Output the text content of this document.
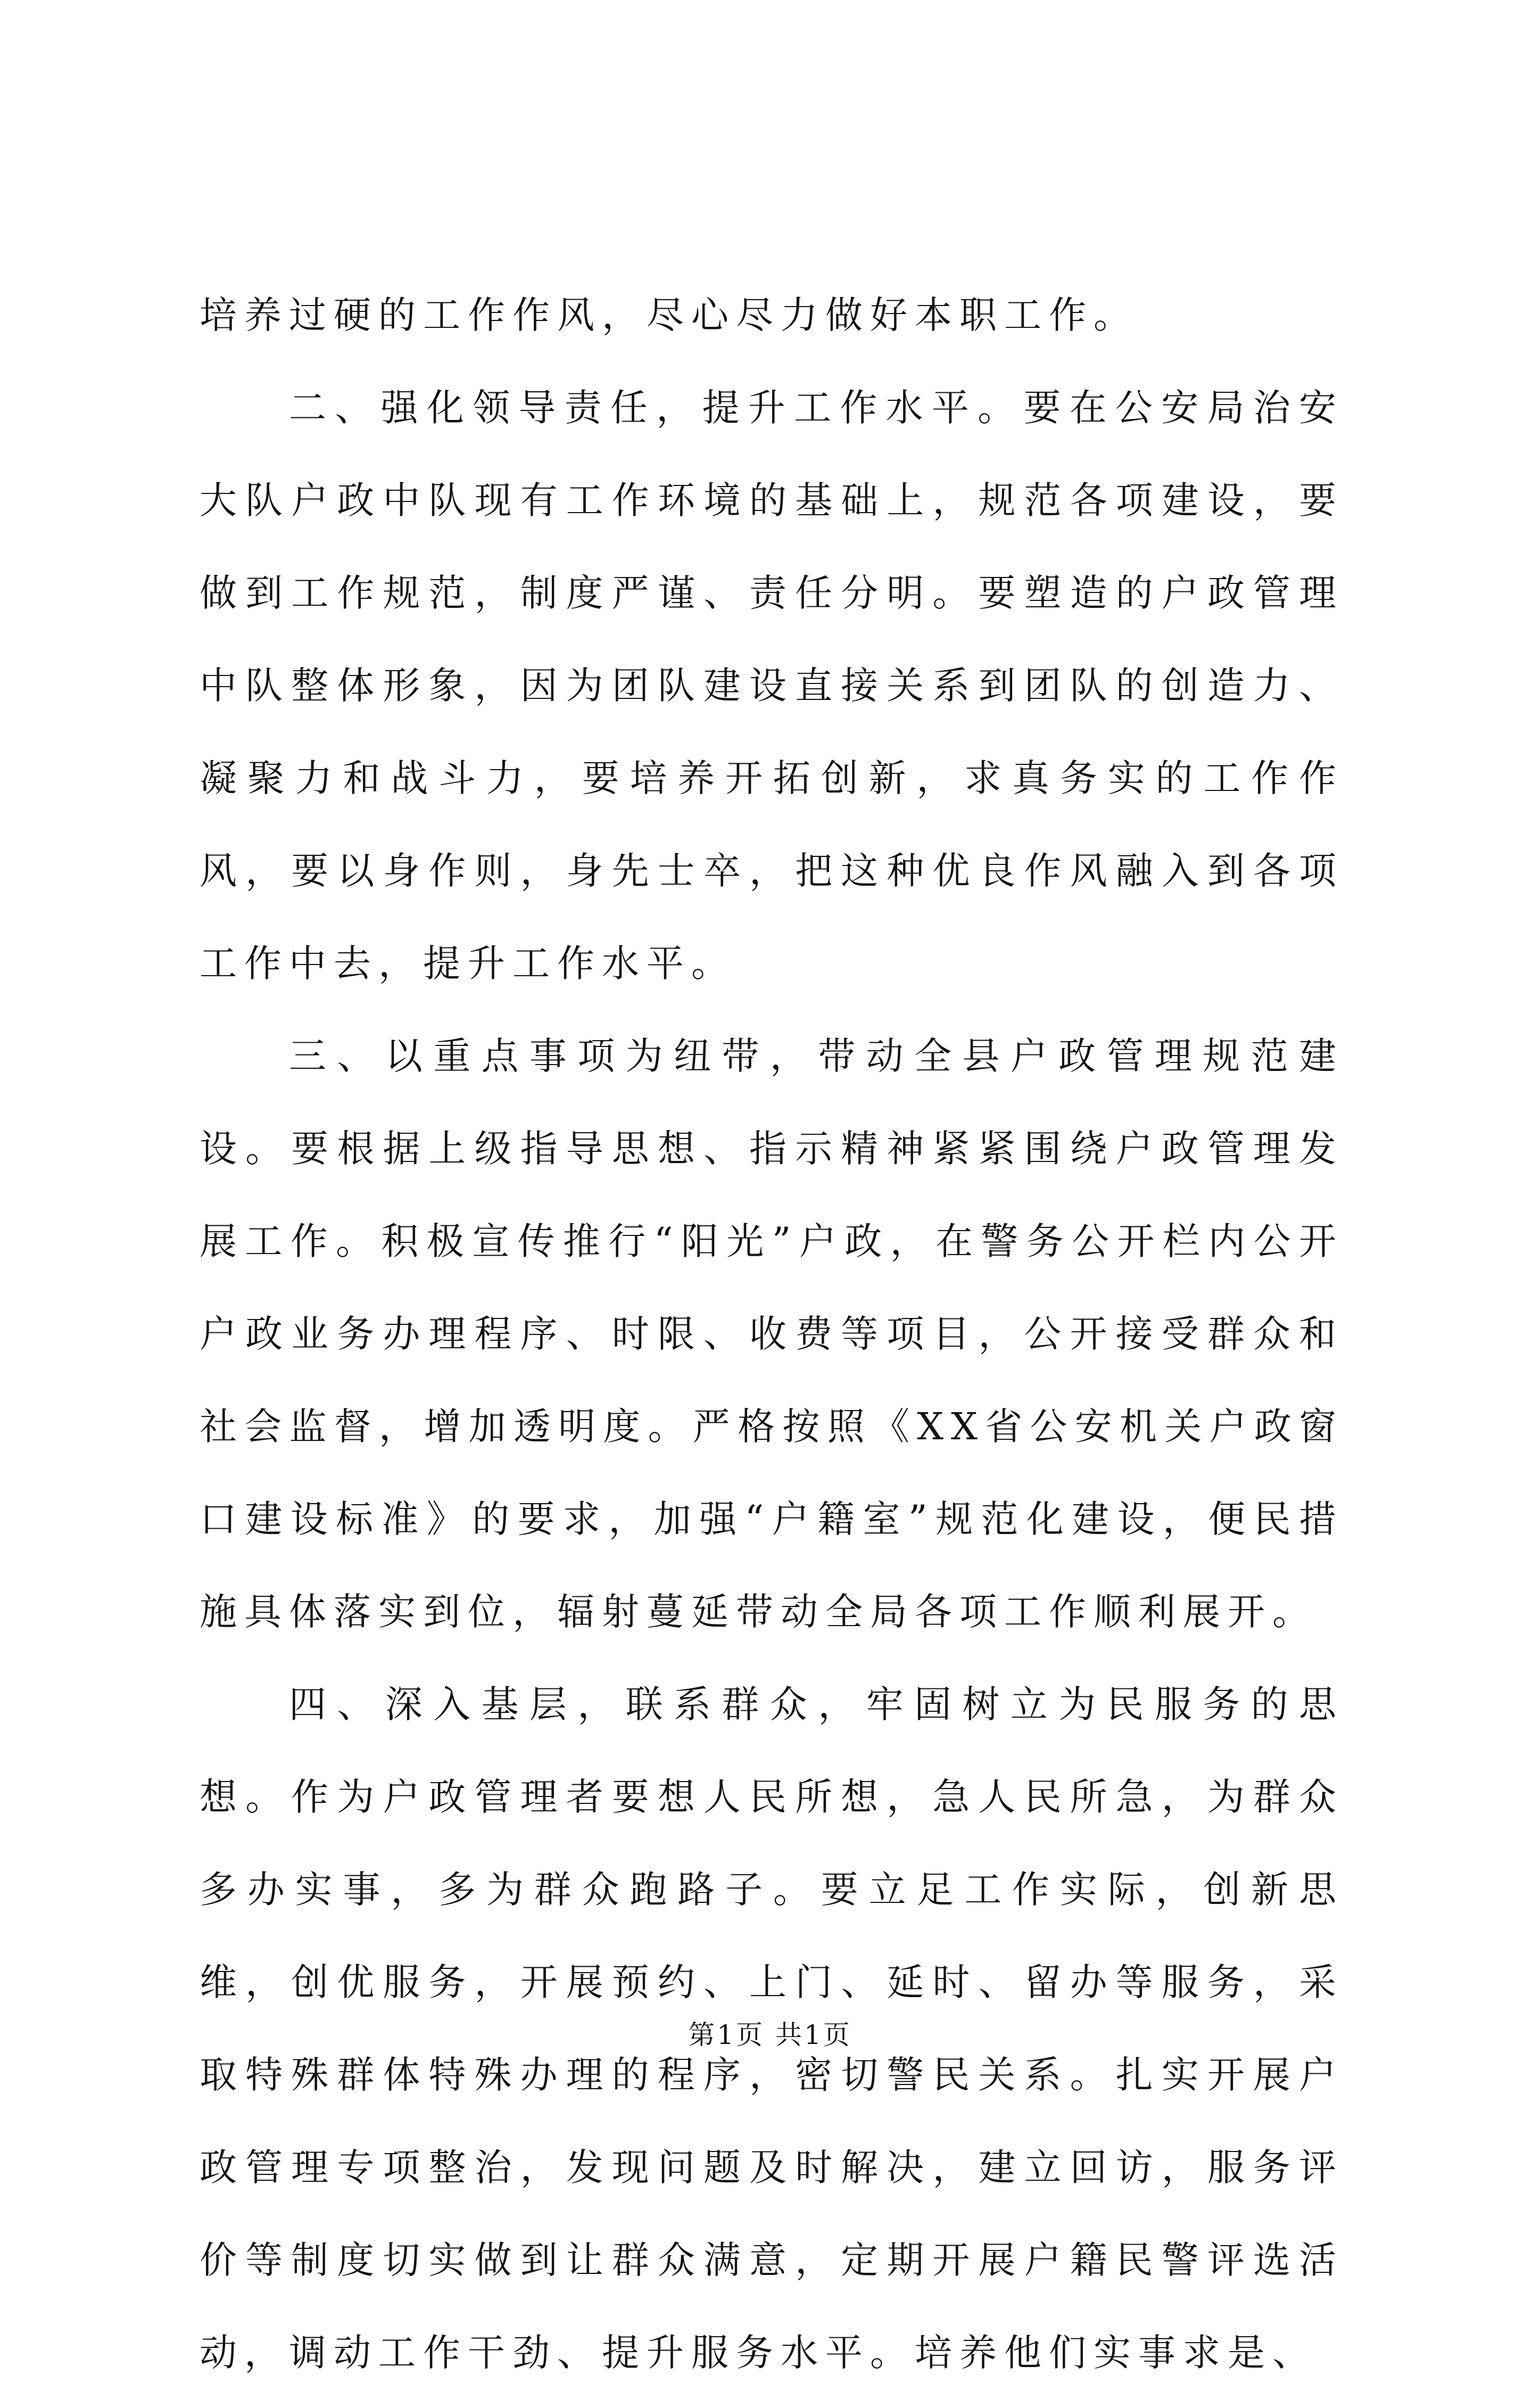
培养过硬的工作作风，尽心尽力做好本职工作。

二、强化领导责任，提升工作水平。要在公安局治安大队户政中队现有工作环境的基础上，规范各项建设，要做到工作规范，制度严谨、责任分明。要塑造的户政管理中队整体形象，因为团队建设直接关系到团队的创造力、凝聚力和战斗力，要培养开拓创新，求真务实的工作作风，要以身作则，身先士卒，把这种优良作风融入到各项工作中去，提升工作水平。

三、以重点事项为纽带，带动全县户政管理规范建设。要根据上级指导思想、指示精神紧紧围绕户政管理发展工作。积极宣传推行“阳光”户政，在警务公开栏内公开户政业务办理程序、时限、收费等项目，公开接受群众和社会监督，增加透明度。严格按照《XX省公安机关户政窗口建设标准》的要求，加强“户籍室”规范化建设，便民措施具体落实到位，辐射蔓延带动全局各项工作顺利展开。

四、深入基层，联系群众，牢固树立为民服务的思想。作为户政管理者要想人民所想，急人民所急，为群众多办实事，多为群众跑路子。要立足工作实际，创新思维，创优服务，开展预约、上门、延时、留办等服务，采取特殊群体特殊办理的程序，密切警民关系。扎实开展户政管理专项整治，发现问题及时解决，建立回访，服务评价等制度切实做到让群众满意，定期开展户籍民警评选活动，调动工作干劲、提升服务水平。培养他们实事求是、

第1页 共1页
